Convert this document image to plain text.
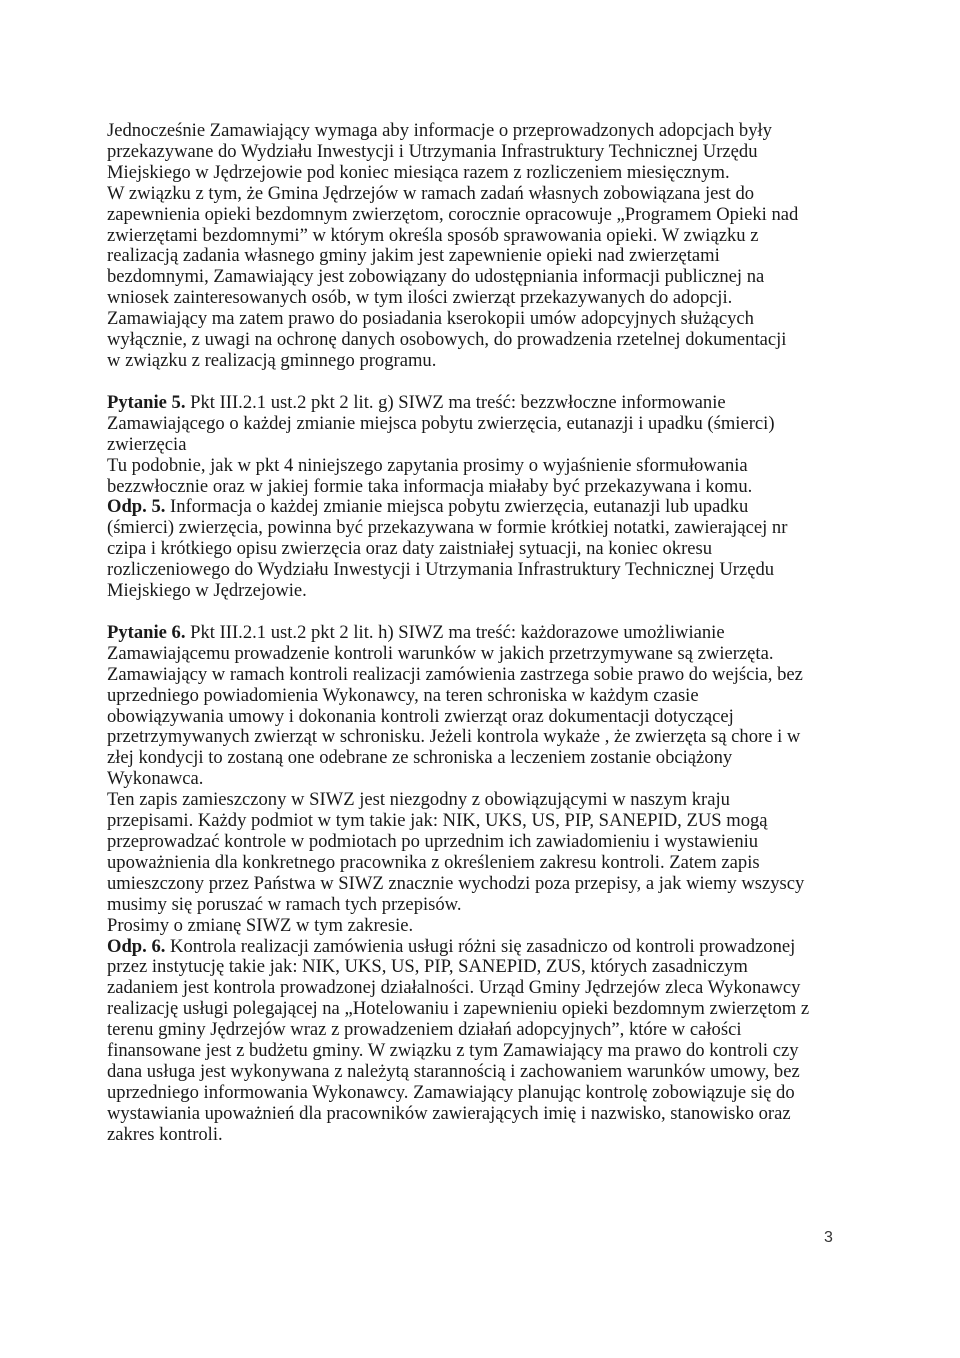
Jednocześnie Zamawiający wymaga aby informacje o przeprowadzonych adopcjach były

przekazywane do Wydziału Inwestycji i Utrzymania Infrastruktury Technicznej Urzędu

Miejskiego w Jędrzejowie pod koniec miesiąca razem z rozliczeniem miesięcznym.

W związku z tym, że Gmina Jędrzejów w ramach zadań własnych zobowiązana jest do

zapewnienia opieki bezdomnym zwierzętom, corocznie opracowuje „Programem Opieki nad

zwierzętami bezdomnymi” w którym określa sposób sprawowania opieki. W związku z

realizacją zadania własnego gminy jakim jest zapewnienie opieki nad zwierzętami

bezdomnymi, Zamawiający jest zobowiązany do udostępniania informacji publicznej na

wniosek zainteresowanych osób, w tym ilości zwierząt przekazywanych do adopcji.

Zamawiający ma zatem prawo do posiadania kserokopii umów adopcyjnych służących

wyłącznie, z uwagi na ochronę danych osobowych, do prowadzenia rzetelnej dokumentacji

w związku z realizacją gminnego programu.

Pytanie 5. Pkt III.2.1 ust.2 pkt 2 lit. g) SIWZ ma treść: bezzwłoczne informowanie

Zamawiającego o każdej zmianie miejsca pobytu zwierzęcia, eutanazji i upadku (śmierci)

zwierzęcia

Tu podobnie, jak w pkt 4 niniejszego zapytania prosimy o wyjaśnienie sformułowania

bezzwłocznie oraz w jakiej formie taka informacja miałaby być przekazywana i komu.

Odp. 5. Informacja o każdej zmianie miejsca pobytu zwierzęcia, eutanazji lub upadku

(śmierci) zwierzęcia, powinna być przekazywana w formie krótkiej notatki, zawierającej nr

czipa i krótkiego opisu zwierzęcia oraz daty zaistniałej sytuacji, na koniec okresu

rozliczeniowego do Wydziału Inwestycji i Utrzymania Infrastruktury Technicznej Urzędu

Miejskiego w Jędrzejowie.

Pytanie 6. Pkt III.2.1 ust.2 pkt 2 lit. h) SIWZ ma treść: każdorazowe umożliwianie

Zamawiającemu prowadzenie kontroli warunków w jakich przetrzymywane są zwierzęta.

Zamawiający w ramach kontroli realizacji zamówienia zastrzega sobie prawo do wejścia, bez

uprzedniego powiadomienia Wykonawcy, na teren schroniska w każdym czasie

obowiązywania umowy i dokonania kontroli zwierząt oraz dokumentacji dotyczącej

przetrzymywanych zwierząt w schronisku. Jeżeli kontrola wykaże , że zwierzęta są chore i w

złej kondycji to zostaną one odebrane ze schroniska a leczeniem zostanie obciążony

Wykonawca.

Ten zapis zamieszczony w SIWZ jest niezgodny z obowiązującymi w naszym kraju

przepisami. Każdy podmiot w tym takie jak: NIK, UKS, US, PIP, SANEPID, ZUS mogą

przeprowadzać kontrole w podmiotach po uprzednim ich zawiadomieniu i wystawieniu

upoważnienia dla konkretnego pracownika z określeniem zakresu kontroli. Zatem zapis

umieszczony przez Państwa w SIWZ znacznie wychodzi poza przepisy, a jak wiemy wszyscy

musimy się poruszać w ramach tych przepisów.

Prosimy o zmianę SIWZ w tym zakresie.

Odp. 6. Kontrola realizacji zamówienia usługi różni się zasadniczo od kontroli prowadzonej

przez instytucję takie jak: NIK, UKS, US, PIP, SANEPID, ZUS, których zasadniczym

zadaniem jest kontrola prowadzonej działalności. Urząd Gminy Jędrzejów zleca Wykonawcy

realizację usługi polegającej na „Hotelowaniu i zapewnieniu opieki bezdomnym zwierzętom z

terenu gminy Jędrzejów wraz z prowadzeniem działań adopcyjnych”, które w całości

finansowane jest z budżetu gminy. W związku z tym Zamawiający ma prawo do kontroli czy

dana usługa jest wykonywana z należytą starannością i zachowaniem warunków umowy, bez

uprzedniego informowania Wykonawcy. Zamawiający planując kontrolę zobowiązuje się do

wystawiania upoważnień dla pracowników zawierających imię i nazwisko, stanowisko oraz

zakres kontroli.

3
